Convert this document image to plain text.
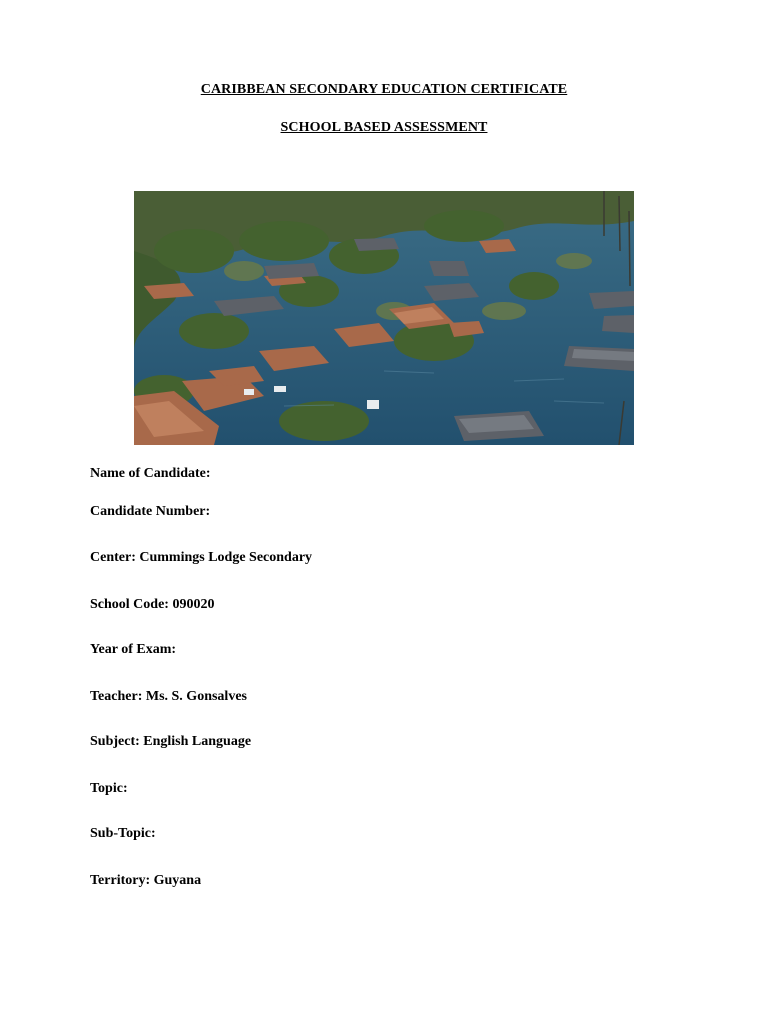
CARIBBEAN SECONDARY EDUCATION CERTIFICATE
SCHOOL BASED ASSESSMENT
Name of Candidate:
Candidate Number:
Center: Cummings Lodge Secondary
School Code: 090020
Year of Exam:
Teacher: Ms. S. Gonsalves
Subject: English Language
Topic:
Sub-Topic:
Territory: Guyana
